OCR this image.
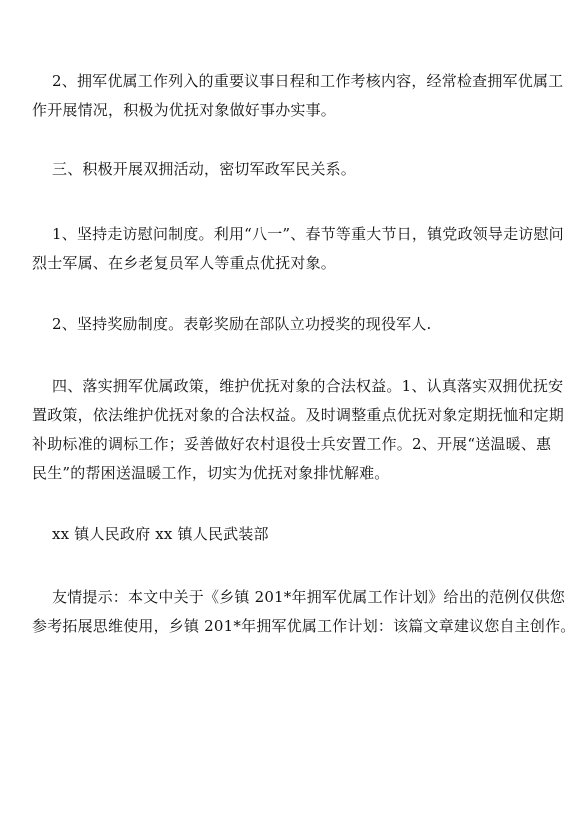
2、拥军优属工作列入的重要议事日程和工作考核内容，经常检查拥军优属工
作开展情况，积极为优抚对象做好事办实事。

三、积极开展双拥活动，密切军政军民关系。

1、坚持走访慰问制度。利用“八一”、春节等重大节日，镇党政领导走访慰问
烈士军属、在乡老复员军人等重点优抚对象。

2、坚持奖励制度。表彰奖励在部队立功授奖的现役军人.

四、落实拥军优属政策，维护优抚对象的合法权益。1、认真落实双拥优抚安
置政策，依法维护优抚对象的合法权益。及时调整重点优抚对象定期抚恤和定期
补助标准的调标工作；妥善做好农村退役士兵安置工作。2、开展“送温暖、惠
民生”的帮困送温暖工作，切实为优抚对象排忧解难。

xx 镇人民政府 xx 镇人民武装部

友情提示：本文中关于《乡镇 201*年拥军优属工作计划》给出的范例仅供您
参考拓展思维使用，乡镇 201*年拥军优属工作计划：该篇文章建议您自主创作。
